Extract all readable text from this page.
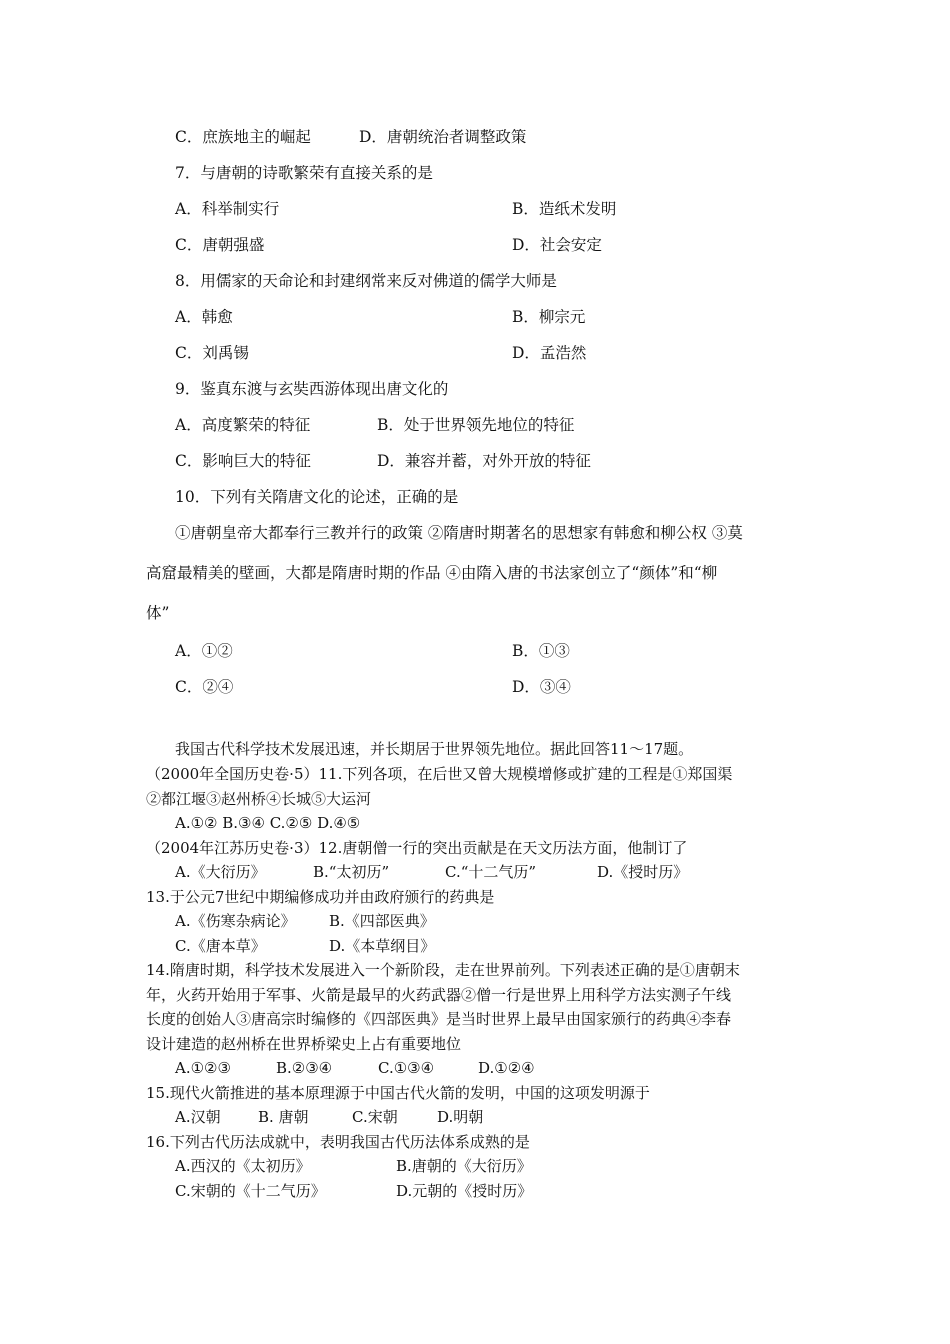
C．庶族地主的崛起	D．唐朝统治者调整政策
7．与唐朝的诗歌繁荣有直接关系的是
A．科举制实行	B．造纸术发明
C．唐朝强盛	D．社会安定
8．用儒家的天命论和封建纲常来反对佛道的儒学大师是
A．韩愈	B．柳宗元
C．刘禹锡	D．孟浩然
9．鉴真东渡与玄奘西游体现出唐文化的
A．高度繁荣的特征	B．处于世界领先地位的特征
C．影响巨大的特征	D．兼容并蓄，对外开放的特征
10．下列有关隋唐文化的论述，正确的是
①唐朝皇帝大都奉行三教并行的政策 ②隋唐时期著名的思想家有韩愈和柳公权 ③莫
高窟最精美的壁画，大都是隋唐时期的作品 ④由隋入唐的书法家创立了“颜体”和“柳
体”
A．①②	B．①③
C．②④	D．③④
我国古代科学技术发展迅速，并长期居于世界领先地位。据此回答11～17题。
（2000年全国历史卷·5）11.下列各项，在后世又曾大规模增修或扩建的工程是①郑国渠
②都江堰③赵州桥④长城⑤大运河
A.①② B.③④ C.②⑤ D.④⑤
（2004年江苏历史卷·3）12.唐朝僧一行的突出贡献是在天文历法方面，他制订了
A.《大衍历》	B.“太初历”	C.“十二气历”	D.《授时历》
13.于公元7世纪中期编修成功并由政府颁行的药典是
A.《伤寒杂病论》 B.《四部医典》
C.《唐本草》	D.《本草纲目》
14.隋唐时期，科学技术发展进入一个新阶段，走在世界前列。下列表述正确的是①唐朝末
年，火药开始用于军事、火箭是最早的火药武器②僧一行是世界上用科学方法实测子午线
长度的创始人③唐高宗时编修的《四部医典》是当时世界上最早由国家颁行的药典④李春
设计建造的赵州桥在世界桥梁史上占有重要地位
A.①②③	B.②③④	C.①③④	D.①②④
15.现代火箭推进的基本原理源于中国古代火箭的发明，中国的这项发明源于
A.汉朝 B. 唐朝	C.宋朝	D.明朝
16.下列古代历法成就中，表明我国古代历法体系成熟的是
A.西汉的《太初历》	B.唐朝的《大衍历》
C.宋朝的《十二气历》	D.元朝的《授时历》
